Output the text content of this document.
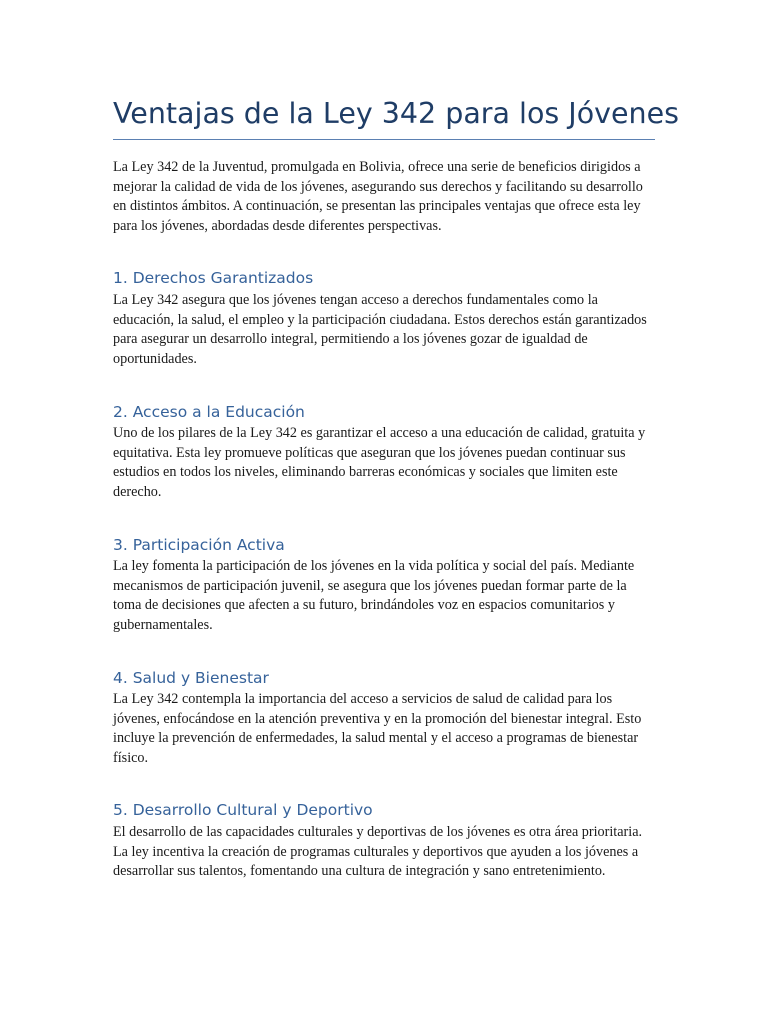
Ventajas de la Ley 342 para los Jóvenes

La Ley 342 de la Juventud, promulgada en Bolivia, ofrece una serie de beneficios dirigidos a mejorar la calidad de vida de los jóvenes, asegurando sus derechos y facilitando su desarrollo en distintos ámbitos. A continuación, se presentan las principales ventajas que ofrece esta ley para los jóvenes, abordadas desde diferentes perspectivas.

1. Derechos Garantizados

La Ley 342 asegura que los jóvenes tengan acceso a derechos fundamentales como la educación, la salud, el empleo y la participación ciudadana. Estos derechos están garantizados para asegurar un desarrollo integral, permitiendo a los jóvenes gozar de igualdad de oportunidades.

2. Acceso a la Educación

Uno de los pilares de la Ley 342 es garantizar el acceso a una educación de calidad, gratuita y equitativa. Esta ley promueve políticas que aseguran que los jóvenes puedan continuar sus estudios en todos los niveles, eliminando barreras económicas y sociales que limiten este derecho.

3. Participación Activa

La ley fomenta la participación de los jóvenes en la vida política y social del país. Mediante mecanismos de participación juvenil, se asegura que los jóvenes puedan formar parte de la toma de decisiones que afecten a su futuro, brindándoles voz en espacios comunitarios y gubernamentales.

4. Salud y Bienestar

La Ley 342 contempla la importancia del acceso a servicios de salud de calidad para los jóvenes, enfocándose en la atención preventiva y en la promoción del bienestar integral. Esto incluye la prevención de enfermedades, la salud mental y el acceso a programas de bienestar físico.

5. Desarrollo Cultural y Deportivo

El desarrollo de las capacidades culturales y deportivas de los jóvenes es otra área prioritaria. La ley incentiva la creación de programas culturales y deportivos que ayuden a los jóvenes a desarrollar sus talentos, fomentando una cultura de integración y sano entretenimiento.
